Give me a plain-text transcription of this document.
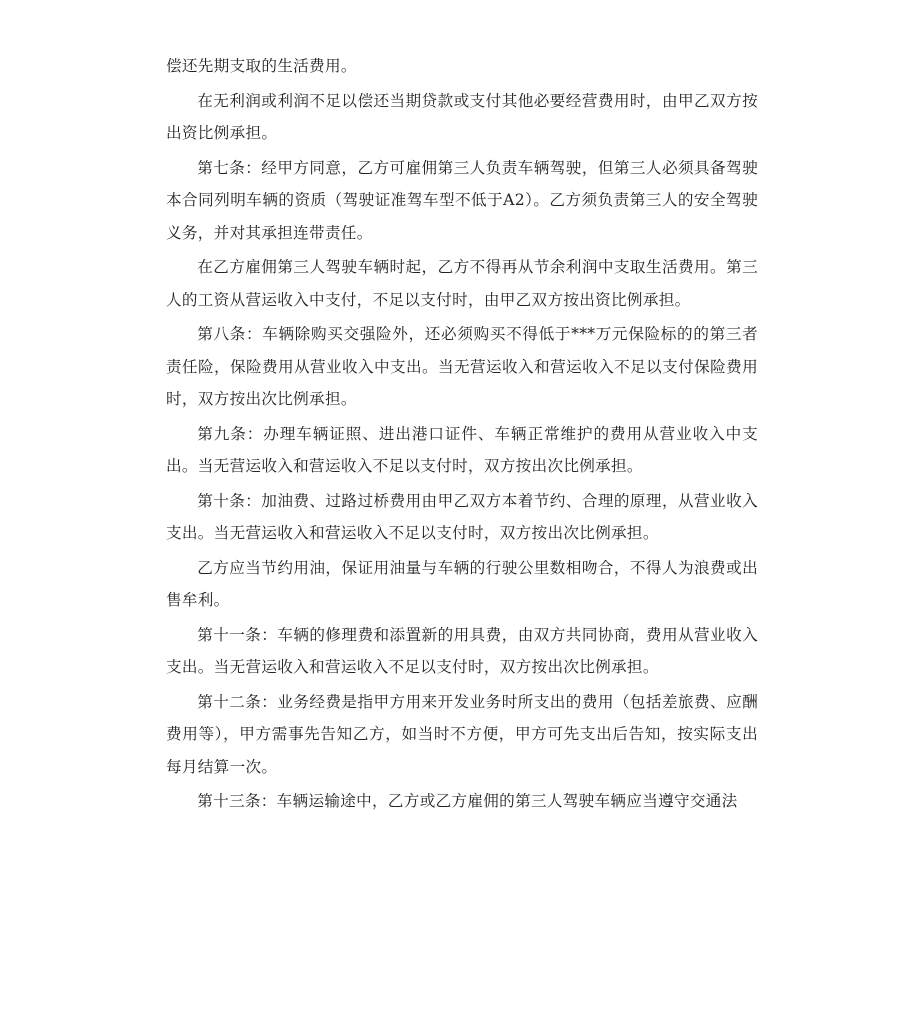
偿还先期支取的生活费用。

在无利润或利润不足以偿还当期贷款或支付其他必要经营费用时，由甲乙双方按出资比例承担。

第七条：经甲方同意，乙方可雇佣第三人负责车辆驾驶，但第三人必须具备驾驶本合同列明车辆的资质（驾驶证准驾车型不低于A2）。乙方须负责第三人的安全驾驶义务，并对其承担连带责任。

在乙方雇佣第三人驾驶车辆时起，乙方不得再从节余利润中支取生活费用。第三人的工资从营运收入中支付，不足以支付时，由甲乙双方按出资比例承担。

第八条：车辆除购买交强险外，还必须购买不得低于***万元保险标的的第三者责任险，保险费用从营业收入中支出。当无营运收入和营运收入不足以支付保险费用时，双方按出次比例承担。

第九条：办理车辆证照、进出港口证件、车辆正常维护的费用从营业收入中支出。当无营运收入和营运收入不足以支付时，双方按出次比例承担。

第十条：加油费、过路过桥费用由甲乙双方本着节约、合理的原理，从营业收入支出。当无营运收入和营运收入不足以支付时，双方按出次比例承担。

乙方应当节约用油，保证用油量与车辆的行驶公里数相吻合，不得人为浪费或出售牟利。

第十一条：车辆的修理费和添置新的用具费，由双方共同协商，费用从营业收入支出。当无营运收入和营运收入不足以支付时，双方按出次比例承担。

第十二条：业务经费是指甲方用来开发业务时所支出的费用（包括差旅费、应酬费用等），甲方需事先告知乙方，如当时不方便，甲方可先支出后告知，按实际支出每月结算一次。

第十三条：车辆运输途中，乙方或乙方雇佣的第三人驾驶车辆应当遵守交通法
